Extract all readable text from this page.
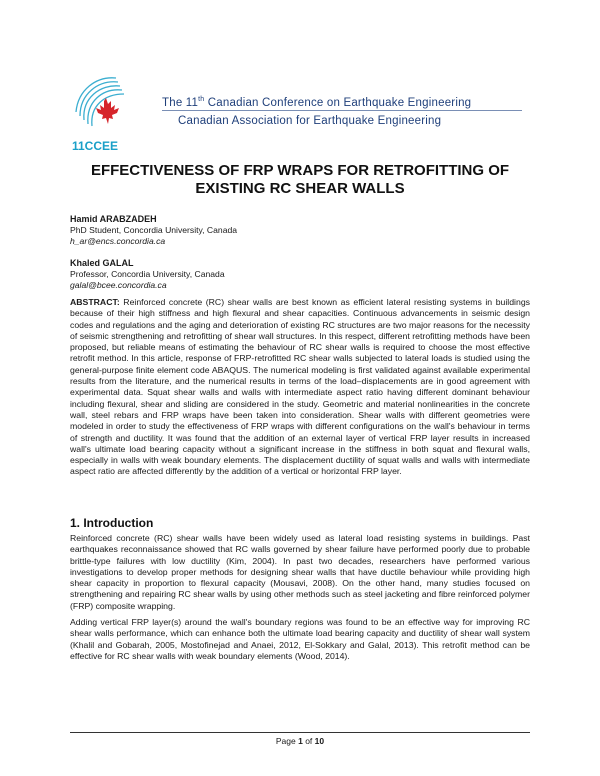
11CCEE
The 11th Canadian Conference on Earthquake Engineering
Canadian Association for Earthquake Engineering
EFFECTIVENESS OF FRP WRAPS FOR RETROFITTING OF EXISTING RC SHEAR WALLS
Hamid ARABZADEH
PhD Student, Concordia University, Canada
h_ar@encs.concordia.ca
Khaled GALAL
Professor, Concordia University, Canada
galal@bcee.concordia.ca
ABSTRACT: Reinforced concrete (RC) shear walls are best known as efficient lateral resisting systems in buildings because of their high stiffness and high flexural and shear capacities. Continuous advancements in seismic design codes and regulations and the aging and deterioration of existing RC structures are two major reasons for the necessity of seismic strengthening and retrofitting of shear wall structures. In this respect, different retrofitting methods have been proposed, but reliable means of estimating the behaviour of RC shear walls is required to choose the most effective retrofit method. In this article, response of FRP-retrofitted RC shear walls subjected to lateral loads is studied using the general-purpose finite element code ABAQUS. The numerical modeling is first validated against available experimental results from the literature, and the numerical results in terms of the load–displacements are in good agreement with experimental data. Squat shear walls and walls with intermediate aspect ratio having different dominant behaviour including flexural, shear and sliding are considered in the study. Geometric and material nonlinearities in the concrete wall, steel rebars and FRP wraps have been taken into consideration. Shear walls with different geometries were modeled in order to study the effectiveness of FRP wraps with different configurations on the wall's behaviour in terms of strength and ductility. It was found that the addition of an external layer of vertical FRP layer results in increased wall's ultimate load bearing capacity without a significant increase in the stiffness in both squat and flexural walls, especially in walls with weak boundary elements. The displacement ductility of squat walls and walls with intermediate aspect ratio are affected differently by the addition of a vertical or horizontal FRP layer.
1. Introduction
Reinforced concrete (RC) shear walls have been widely used as lateral load resisting systems in buildings. Past earthquakes reconnaissance showed that RC walls governed by shear failure have performed poorly due to probable brittle-type failures with low ductility (Kim, 2004). In past two decades, researchers have performed various investigations to develop proper methods for designing shear walls that have ductile behaviour while providing high shear capacity in proportion to flexural capacity (Mousavi, 2008). On the other hand, many studies focused on strengthening and repairing RC shear walls by using other methods such as steel jacketing and fibre reinforced polymer (FRP) composite wrapping.
Adding vertical FRP layer(s) around the wall's boundary regions was found to be an effective way for improving RC shear walls performance, which can enhance both the ultimate load bearing capacity and ductility of shear wall system (Khalil and Gobarah, 2005, Mostofinejad and Anaei, 2012, El-Sokkary and Galal, 2013). This retrofit method can be effective for RC shear walls with weak boundary elements (Wood, 2014).
Page 1 of 10
